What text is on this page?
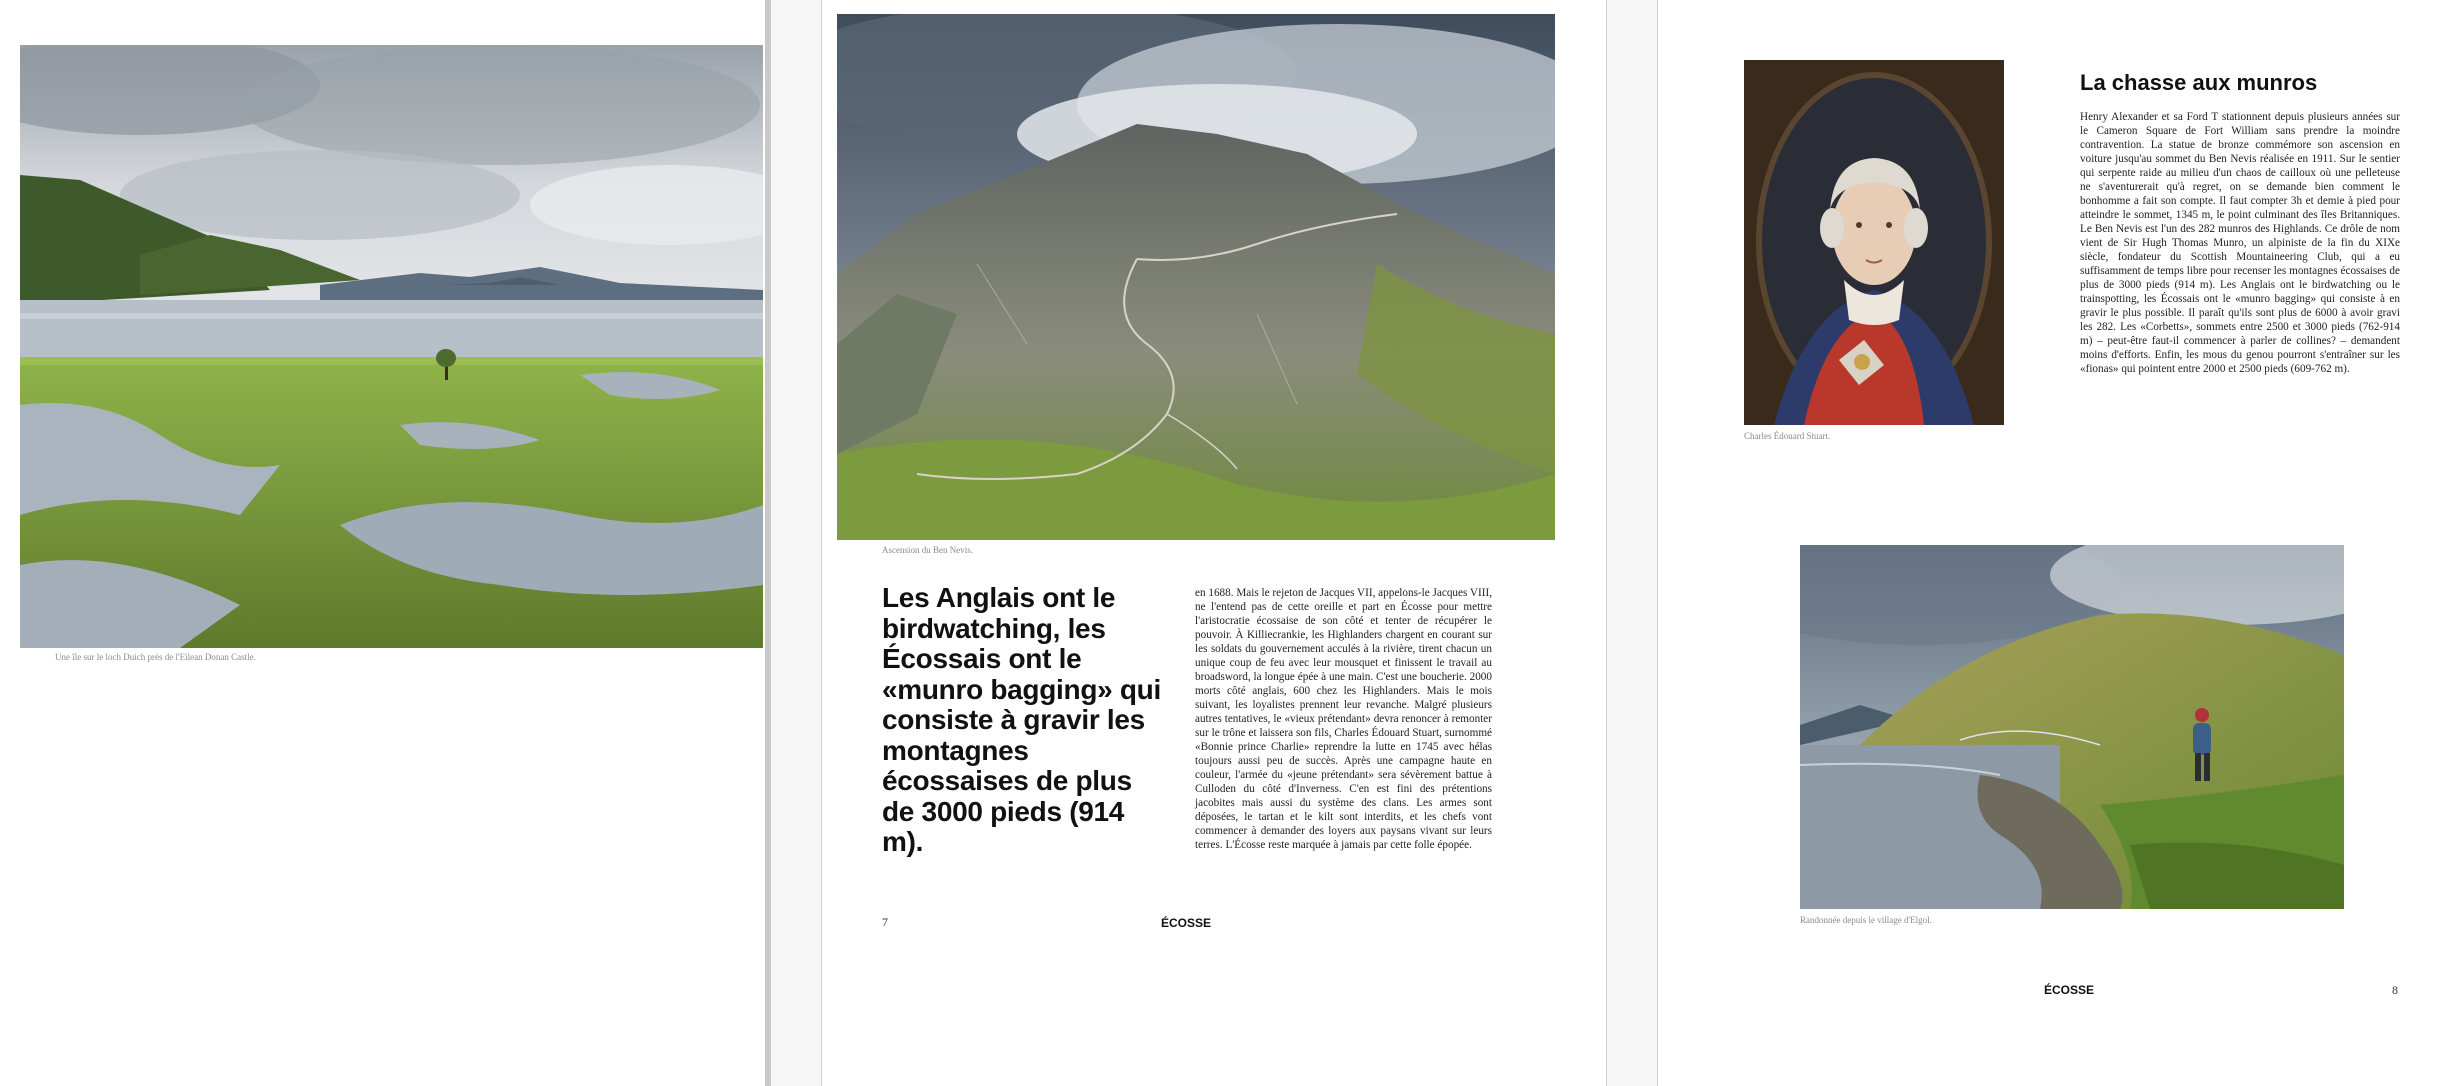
Une île sur le loch Duich près de l'Eilean Donan Castle.
Ascension du Ben Nevis.
Les Anglais ont le birdwatching, les Écossais ont le «munro bagging» qui consiste à gravir les montagnes écossaises de plus de 3000 pieds (914 m).
en 1688. Mais le rejeton de Jacques VII, appelons-le Jacques VIII, ne l'entend pas de cette oreille et part en Écosse pour mettre l'aristocratie écossaise de son côté et tenter de récupérer le pouvoir. À Killiecrankie, les Highlanders chargent en courant sur les soldats du gouvernement acculés à la rivière, tirent chacun un unique coup de feu avec leur mousquet et finissent le travail au broadsword, la longue épée à une main. C'est une boucherie. 2000 morts côté anglais, 600 chez les Highlanders. Mais le mois suivant, les loyalistes prennent leur revanche. Malgré plusieurs autres tentatives, le «vieux prétendant» devra renoncer à remonter sur le trône et laissera son fils, Charles Édouard Stuart, surnommé «Bonnie prince Charlie» reprendre la lutte en 1745 avec hélas toujours aussi peu de succès. Après une campagne haute en couleur, l'armée du «jeune prétendant» sera sévèrement battue à Culloden du côté d'Inverness. C'en est fini des prétentions jacobites mais aussi du système des clans. Les armes sont déposées, le tartan et le kilt sont interdits, et les chefs vont commencer à demander des loyers aux paysans vivant sur leurs terres. L'Écosse reste marquée à jamais par cette folle épopée.
7	ÉCOSSE
Charles Édouard Stuart.
La chasse aux munros
Henry Alexander et sa Ford T stationnent depuis plusieurs années sur le Cameron Square de Fort William sans prendre la moindre contravention. La statue de bronze commémore son ascension en voiture jusqu'au sommet du Ben Nevis réalisée en 1911. Sur le sentier qui serpente raide au milieu d'un chaos de cailloux où une pelleteuse ne s'aventurerait qu'à regret, on se demande bien comment le bonhomme a fait son compte. Il faut compter 3h et demie à pied pour atteindre le sommet, 1345 m, le point culminant des îles Britanniques. Le Ben Nevis est l'un des 282 munros des Highlands. Ce drôle de nom vient de Sir Hugh Thomas Munro, un alpiniste de la fin du XIXe siècle, fondateur du Scottish Mountaineering Club, qui a eu suffisamment de temps libre pour recenser les montagnes écossaises de plus de 3000 pieds (914 m). Les Anglais ont le birdwatching ou le trainspotting, les Écossais ont le «munro bagging» qui consiste à en gravir le plus possible. Il paraît qu'ils sont plus de 6000 à avoir gravi les 282. Les «Corbetts», sommets entre 2500 et 3000 pieds (762-914 m) – peut-être faut-il commencer à parler de collines? – demandent moins d'efforts. Enfin, les mous du genou pourront s'entraîner sur les «fionas» qui pointent entre 2000 et 2500 pieds (609-762 m).
Randonnée depuis le village d'Elgol.
ÉCOSSE	8
